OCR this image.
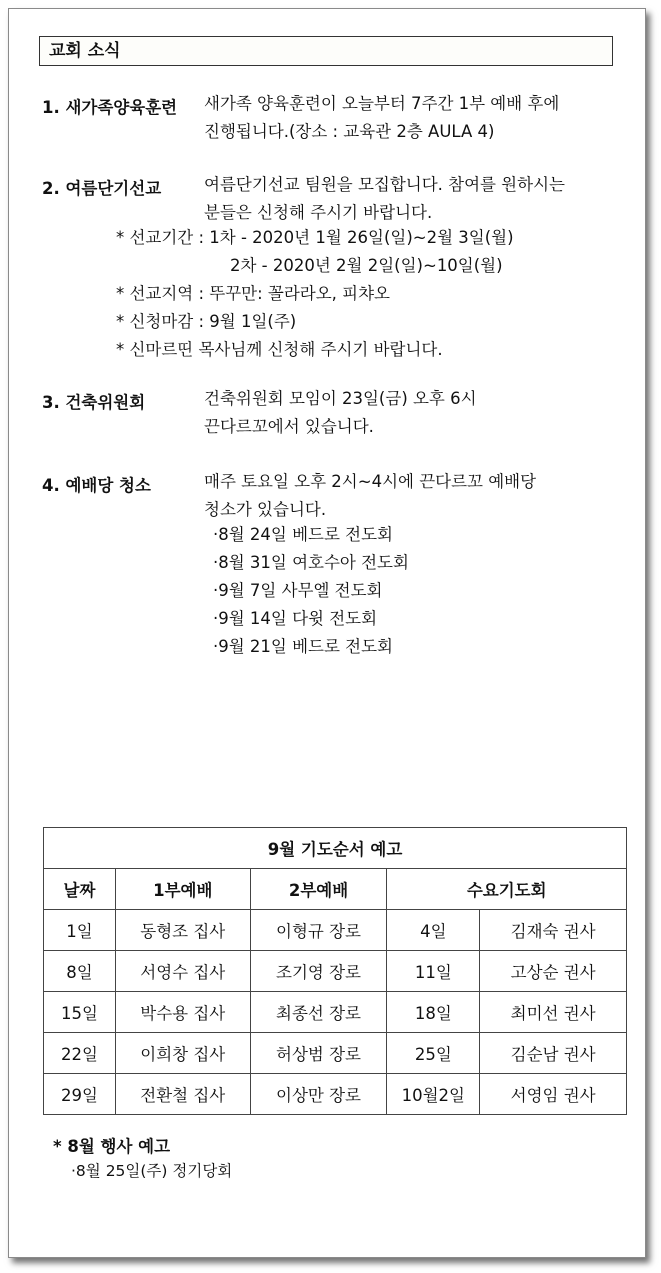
교회 소식
1. 새가족양육훈련 새가족 양육훈련이 오늘부터 7주간 1부 예배 후에

진행됩니다.(장소 : 교육관 2층 AULA 4)

2. 여름단기선교	여름단기선교 팀원을 모집합니다. 참여를 원하시는

분들은 신청해 주시기 바랍니다.

* 선교기간 : 1차 - 2020년 1월 26일(일)~2월 3일(월)
2차 - 2020년 2월 2일(일)~10일(월)
* 선교지역 : 뚜꾸만: 꼴라라오, 피챠오
* 신청마감 : 9월 1일(주)
* 신마르띤 목사님께 신청해 주시기 바랍니다.
3. 건축위원회	건축위원회 모임이 23일(금) 오후 6시

끈다르꼬에서 있습니다.

4. 예배당 청소	매주 토요일 오후 2시~4시에 끈다르꼬 예배당

청소가 있습니다.

·8월 24일 베드로 전도회
·8월 31일 여호수아 전도회
·9월 7일 사무엘 전도회
·9월 14일 다윗 전도회
·9월 21일 베드로 전도회
9월 기도순서 예고				
날짜	1부예배	2부예배	수요기도회	
1일	동형조 집사	이형규 장로	4일	김재숙 권사
8일	서영수 집사	조기영 장로	11일	고상순 권사
15일	박수용 집사	최종선 장로	18일	최미선 권사
22일	이희창 집사	허상범 장로	25일	김순남 권사
29일	전환철 집사	이상만 장로	10월2일	서영임 권사
* 8월 행사 예고
·8월 25일(주) 정기당회
